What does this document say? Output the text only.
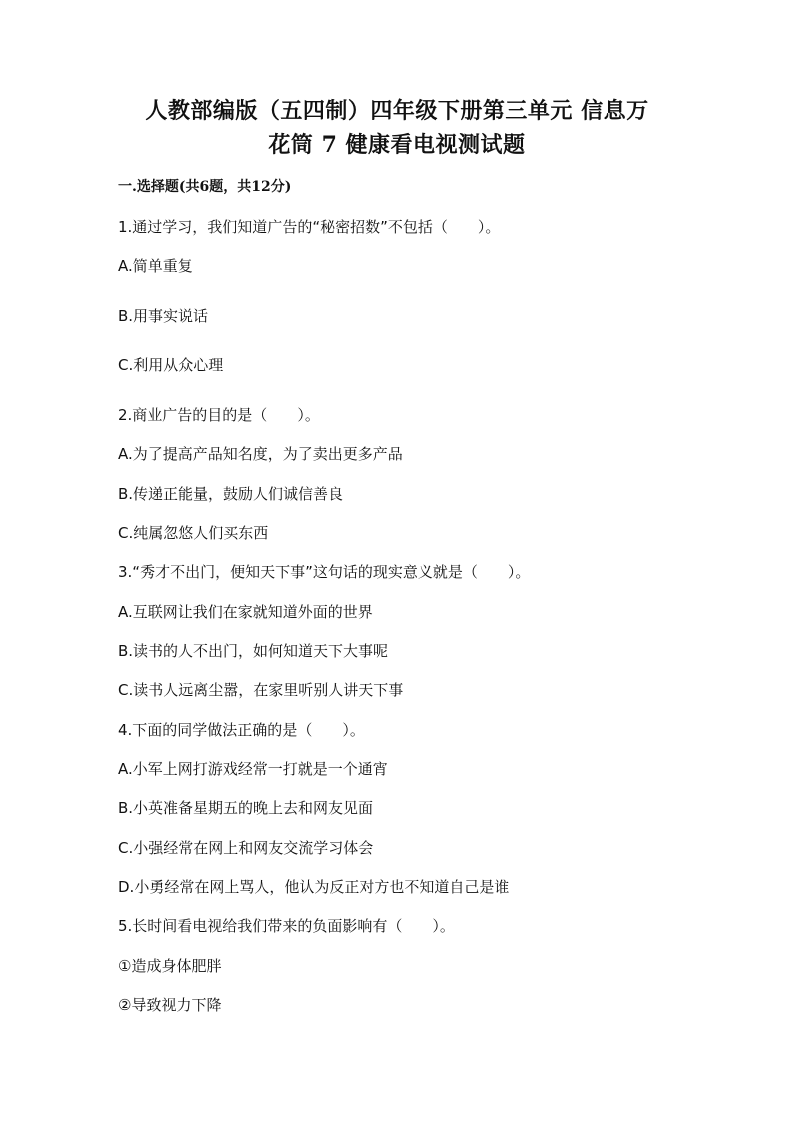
人教部编版（五四制）四年级下册第三单元 信息万
花筒 7 健康看电视测试题
一.选择题(共6题，共12分)
1.通过学习，我们知道广告的“秘密招数”不包括（　　）。
A.简单重复
B.用事实说话
C.利用从众心理
2.商业广告的目的是（　　）。
A.为了提高产品知名度，为了卖出更多产品
B.传递正能量，鼓励人们诚信善良
C.纯属忽悠人们买东西
3.“秀才不出门，便知天下事”这句话的现实意义就是（　　）。
A.互联网让我们在家就知道外面的世界
B.读书的人不出门，如何知道天下大事呢
C.读书人远离尘嚣，在家里听别人讲天下事
4.下面的同学做法正确的是（　　）。
A.小军上网打游戏经常一打就是一个通宵
B.小英准备星期五的晚上去和网友见面
C.小强经常在网上和网友交流学习体会
D.小勇经常在网上骂人，他认为反正对方也不知道自己是谁
5.长时间看电视给我们带来的负面影响有（　　）。
①造成身体肥胖
②导致视力下降
